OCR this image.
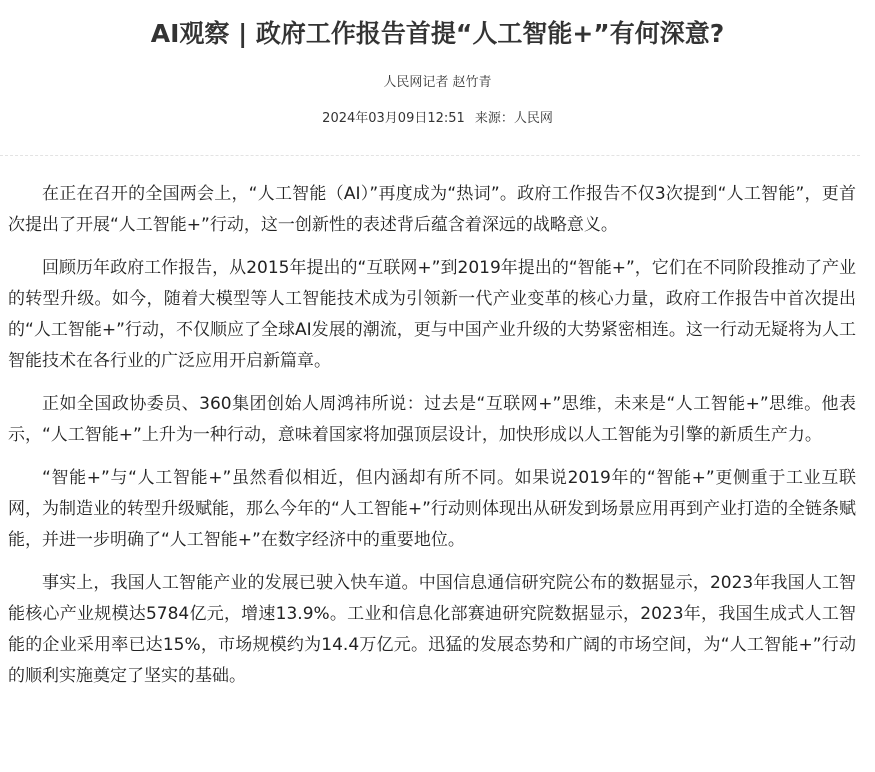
AI观察 | 政府工作报告首提“人工智能+”有何深意?
人民网记者 赵竹青
2024年03月09日12:51 来源：人民网

在正在召开的全国两会上，“人工智能（AI）”再度成为“热词”。政府工作报告不仅3次提到“人工智能”，更首次提出了开展“人工智能+”行动，这一创新性的表述背后蕴含着深远的战略意义。

回顾历年政府工作报告，从2015年提出的“互联网+”到2019年提出的“智能+”，它们在不同阶段推动了产业的转型升级。如今，随着大模型等人工智能技术成为引领新一代产业变革的核心力量，政府工作报告中首次提出的“人工智能+”行动，不仅顺应了全球AI发展的潮流，更与中国产业升级的大势紧密相连。这一行动无疑将为人工智能技术在各行业的广泛应用开启新篇章。

正如全国政协委员、360集团创始人周鸿祎所说：过去是“互联网+”思维，未来是“人工智能+”思维。他表示，“人工智能+”上升为一种行动，意味着国家将加强顶层设计，加快形成以人工智能为引擎的新质生产力。

“智能+”与“人工智能+”虽然看似相近，但内涵却有所不同。如果说2019年的“智能+”更侧重于工业互联网，为制造业的转型升级赋能，那么今年的“人工智能+”行动则体现出从研发到场景应用再到产业打造的全链条赋能，并进一步明确了“人工智能+”在数字经济中的重要地位。

事实上，我国人工智能产业的发展已驶入快车道。中国信息通信研究院公布的数据显示，2023年我国人工智能核心产业规模达5784亿元，增速13.9%。工业和信息化部赛迪研究院数据显示，2023年，我国生成式人工智能的企业采用率已达15%，市场规模约为14.4万亿元。迅猛的发展态势和广阔的市场空间，为“人工智能+”行动的顺利实施奠定了坚实的基础。
